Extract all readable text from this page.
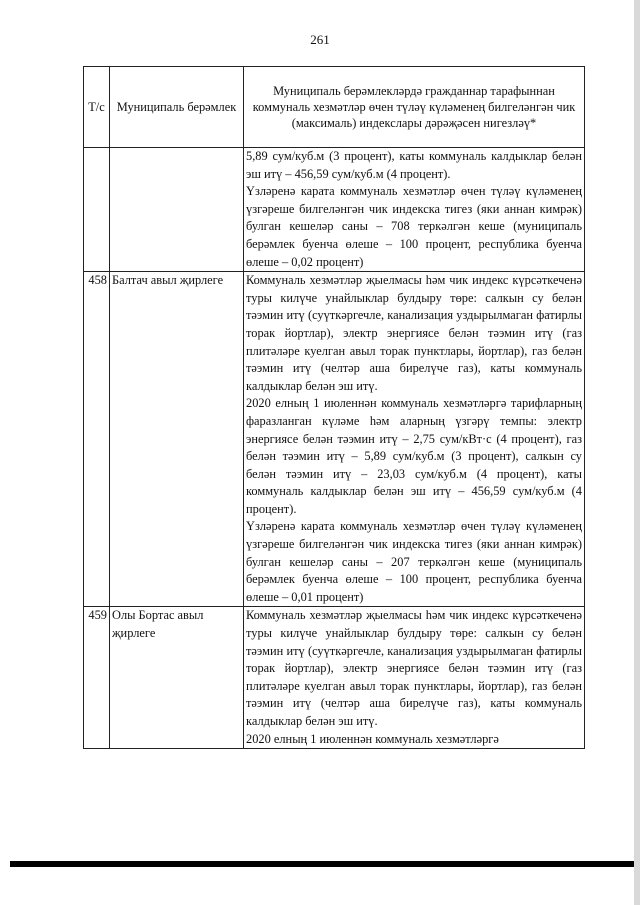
261
Т/с	Муниципаль берәмлек	Муниципаль берәмлекләрдә гражданнар тарафыннан коммуналь хезмәтләр өчен түләү күләменең билгеләнгән чик (максималь) индекслары дәрәҗәсен нигезләү*

		5,89 сум/куб.м (3 процент), каты коммуналь калдыклар белән эш итү – 456,59 сум/куб.м (4 процент).

Үзләренә карата коммуналь хезмәтләр өчен түләү күләменең үзгәреше билгеләнгән чик индекска тигез (яки аннан кимрәк) булган кешеләр саны – 708 теркәлгән кеше (муниципаль берәмлек буенча өлеше – 100 процент, республика буенча өлеше – 0,02 процент)

458	Балтач авыл җирлеге	Коммуналь хезмәтләр җыелмасы һәм чик индекс күрсәткеченә туры килүче унайлыклар булдыру төре: салкын су белән тәэмин итү (суүткәргечле, канализация уздырылмаган фатирлы торак йортлар), электр энергиясе белән тәэмин итү (газ плитәләре куелган авыл торак пунктлары, йортлар), газ белән тәэмин итү (челтәр аша бирелүче газ), каты коммуналь калдыклар белән эш итү.

2020 елның 1 июленнән коммуналь хезмәтләргә тарифларның фаразланган күләме һәм аларның үзгәрү темпы: электр энергиясе белән тәэмин итү – 2,75 сум/кВт·с (4 процент), газ белән тәэмин итү – 5,89 сум/куб.м (3 процент), салкын су белән тәэмин итү – 23,03 сум/куб.м (4 процент), каты коммуналь калдыклар белән эш итү – 456,59 сум/куб.м (4 процент).

Үзләренә карата коммуналь хезмәтләр өчен түләү күләменең үзгәреше билгеләнгән чик индекска тигез (яки аннан кимрәк) булган кешеләр саны – 207 теркәлгән кеше (муниципаль берәмлек буенча өлеше – 100 процент, республика буенча өлеше – 0,01 процент)

459	Олы Бортас авыл җирлеге	Коммуналь хезмәтләр җыелмасы һәм чик индекс күрсәткеченә туры килүче унайлыклар булдыру төре: салкын су белән тәэмин итү (суүткәргечле, канализация уздырылмаган фатирлы торак йортлар), электр энергиясе белән тәэмин итү (газ плитәләре куелган авыл торак пунктлары, йортлар), газ белән тәэмин итү (челтәр аша бирелүче газ), каты коммуналь калдыклар белән эш итү.

2020 елның 1 июленнән коммуналь хезмәтләргә
